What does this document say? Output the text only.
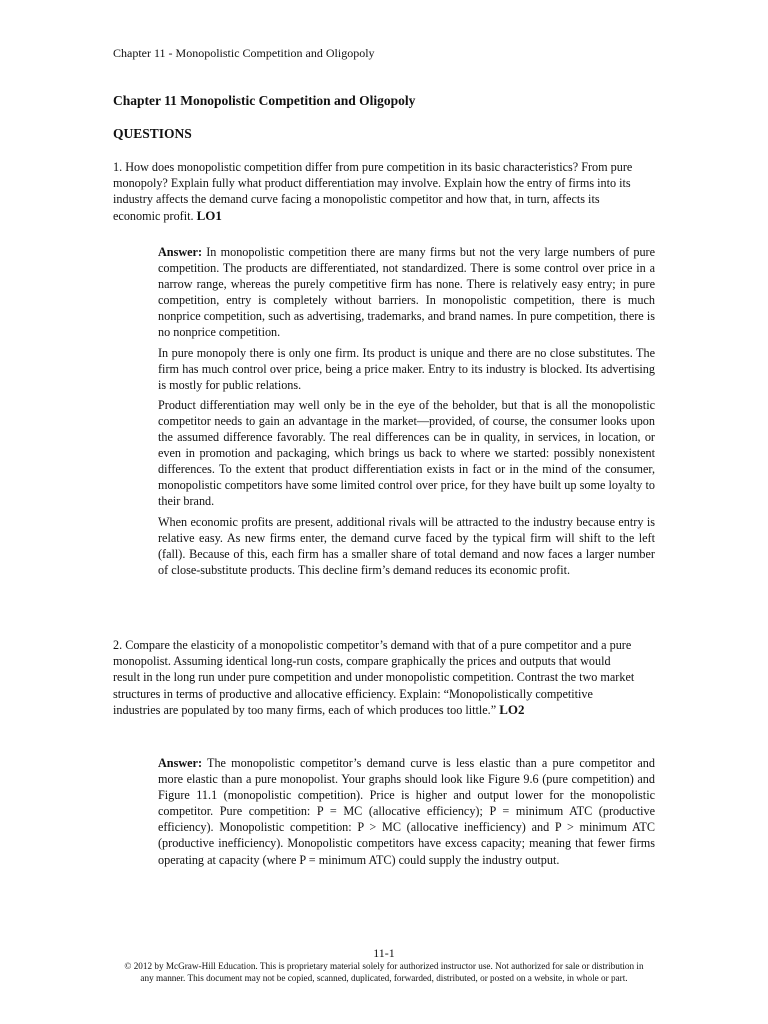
Chapter 11 - Monopolistic Competition and Oligopoly
Chapter 11 Monopolistic Competition and Oligopoly
QUESTIONS
1. How does monopolistic competition differ from pure competition in its basic characteristics? From pure monopoly? Explain fully what product differentiation may involve. Explain how the entry of firms into its industry affects the demand curve facing a monopolistic competitor and how that, in turn, affects its economic profit. LO1

Answer: In monopolistic competition there are many firms but not the very large numbers of pure competition. The products are differentiated, not standardized. There is some control over price in a narrow range, whereas the purely competitive firm has none. There is relatively easy entry; in pure competition, entry is completely without barriers. In monopolistic competition, there is much nonprice competition, such as advertising, trademarks, and brand names. In pure competition, there is no nonprice competition.

In pure monopoly there is only one firm. Its product is unique and there are no close substitutes. The firm has much control over price, being a price maker. Entry to its industry is blocked. Its advertising is mostly for public relations.

Product differentiation may well only be in the eye of the beholder, but that is all the monopolistic competitor needs to gain an advantage in the market—provided, of course, the consumer looks upon the assumed difference favorably. The real differences can be in quality, in services, in location, or even in promotion and packaging, which brings us back to where we started: possibly nonexistent differences. To the extent that product differentiation exists in fact or in the mind of the consumer, monopolistic competitors have some limited control over price, for they have built up some loyalty to their brand.

When economic profits are present, additional rivals will be attracted to the industry because entry is relative easy. As new firms enter, the demand curve faced by the typical firm will shift to the left (fall). Because of this, each firm has a smaller share of total demand and now faces a larger number of close-substitute products. This decline firm’s demand reduces its economic profit.

2. Compare the elasticity of a monopolistic competitor’s demand with that of a pure competitor and a pure monopolist. Assuming identical long-run costs, compare graphically the prices and outputs that would result in the long run under pure competition and under monopolistic competition. Contrast the two market structures in terms of productive and allocative efficiency. Explain: “Monopolistically competitive industries are populated by too many firms, each of which produces too little.” LO2

Answer: The monopolistic competitor’s demand curve is less elastic than a pure competitor and more elastic than a pure monopolist. Your graphs should look like Figure 9.6 (pure competition) and Figure 11.1 (monopolistic competition). Price is higher and output lower for the monopolistic competitor. Pure competition: P = MC (allocative efficiency); P = minimum ATC (productive efficiency). Monopolistic competition: P > MC (allocative inefficiency) and P > minimum ATC (productive inefficiency). Monopolistic competitors have excess capacity; meaning that fewer firms operating at capacity (where P = minimum ATC) could supply the industry output.

11-1
© 2012 by McGraw-Hill Education. This is proprietary material solely for authorized instructor use. Not authorized for sale or distribution in any manner. This document may not be copied, scanned, duplicated, forwarded, distributed, or posted on a website, in whole or part.
